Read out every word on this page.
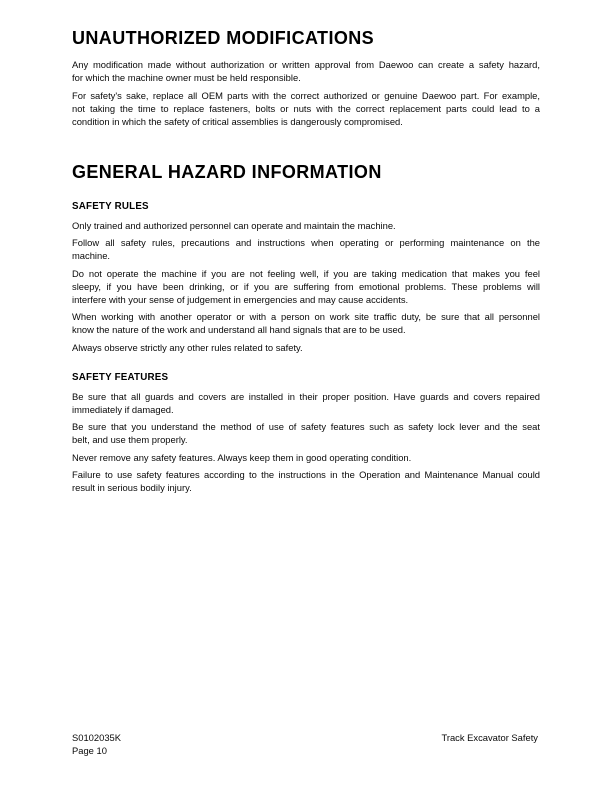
UNAUTHORIZED MODIFICATIONS
Any modification made without authorization or written approval from Daewoo can create a safety hazard,
for which the machine owner must be held responsible.
For safety's sake, replace all OEM parts with the correct authorized or genuine Daewoo part. For example,
not taking the time to replace fasteners, bolts or nuts with the correct replacement parts could lead to a
condition in which the safety of critical assemblies is dangerously compromised.
GENERAL HAZARD INFORMATION
SAFETY RULES
Only trained and authorized personnel can operate and maintain the machine.
Follow all safety rules, precautions and instructions when operating or performing maintenance on the
machine.
Do not operate the machine if you are not feeling well, if you are taking medication that makes you feel
sleepy, if you have been drinking, or if you are suffering from emotional problems. These problems will
interfere with your sense of judgement in emergencies and may cause accidents.
When working with another operator or with a person on work site traffic duty, be sure that all personnel
know the nature of the work and understand all hand signals that are to be used.
Always observe strictly any other rules related to safety.
SAFETY FEATURES
Be sure that all guards and covers are installed in their proper position. Have guards and covers repaired
immediately if damaged.
Be sure that you understand the method of use of safety features such as safety lock lever and the seat
belt, and use them properly.
Never remove any safety features. Always keep them in good operating condition.
Failure to use safety features according to the instructions in the Operation and Maintenance Manual could
result in serious bodily injury.
S0102035K
Page 10
Track Excavator Safety
